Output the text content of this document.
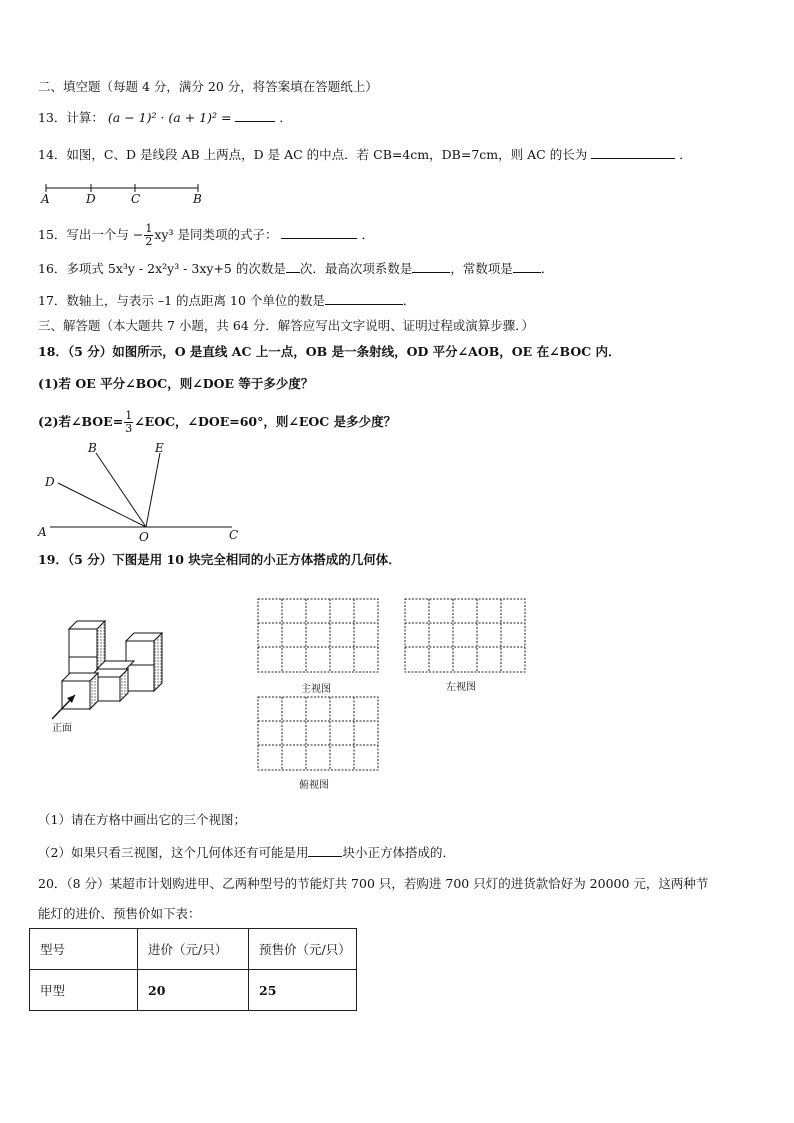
二、填空题（每题 4 分，满分 20 分，将答案填在答题纸上）
13．计算： (a − 1)² · (a + 1)² =	．
14．如图，C、D 是线段 AB 上两点，D 是 AC 的中点．若 CB=4cm，DB=7cm，则 AC 的长为	．
A	D	C	B
15．写出一个与 − $\frac{1}{2} xy^3$ 是同类项的式子：	．
16．多项式 5x³y - 2x²y³ - 3xy+5 的次数是 次．最高次项系数是	，常数项是 ．
17．数轴上，与表示 –1 的点距离 10 个单位的数是	．
三、解答题（本大题共 7 小题，共 64 分．解答应写出文字说明、证明过程或演算步骤．）
18．（5 分）如图所示，O 是直线 AC 上一点，OB 是一条射线，OD 平分∠AOB，OE 在∠BOC 内．
(1)若 OE 平分∠BOC，则∠DOE 等于多少度？
(2)若∠BOE= $\frac{1}{3}$ ∠EOC，∠DOE=60°，则∠EOC 是多少度？
B	E
D
A	O	C
19．（5 分）下图是用 10 块完全相同的小正方体搭成的几何体．
正面
主视图	左视图
俯视图
（1）请在方格中画出它的三个视图；
（2）如果只看三视图，这个几何体还有可能是用	块小正方体搭成的．
20．（8 分）某超市计划购进甲、乙两种型号的节能灯共 700 只，若购进 700 只灯的进货款恰好为 20000 元，这两种节
能灯的进价、预售价如下表：
型号	进价（元/只）	预售价（元/只）
甲型	20	25
